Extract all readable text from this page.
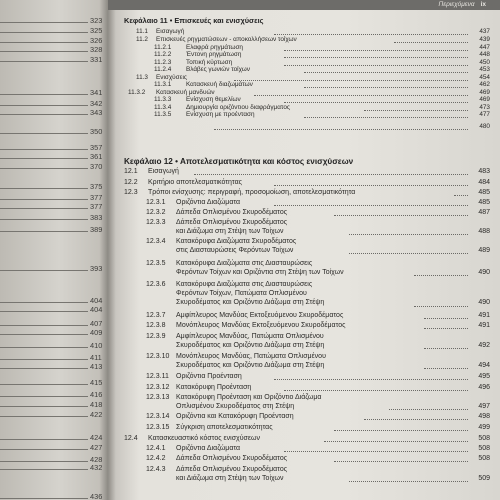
323
325
326
328
331
341
342
343
350
357
361
370
375
377
377
383
389
393
404
404
407
409
410
411
413
415
416
418
422
424
427
428
432
436
Περιεχόμενα ix
Κεφάλαιο 11 • Επισκευές και ενισχύσεις
11.1 Εισαγωγή	437
11.2 Επισκευές ρηγματώσεων - αποκολλήσεων τοίχων	439
11.2.1 Ελαφρά ρηγμάτωση	447
11.2.2 Έντονη ρηγμάτωση	448
11.2.3 Τοπική κύρτωση	450
11.2.4 Βλάβες γωνιών τοίχων	453
11.3 Ενισχύσεις	454
11.3.1 Κατασκευή διαζωμάτων	462
11.3.2 Κατασκευή μανδυών	469
11.3.3 Ενίσχυση θεμελίων	469
11.3.4 Δημιουργία οριζόντιου διαφράγματος	473
11.3.5 Ενίσχυση με προένταση	477
480
Κεφάλαιο 12 • Αποτελεσματικότητα και κόστος ενισχύσεων
12.1 Εισαγωγή	483
12.2 Κριτήριο αποτελεσματικότητας	484
12.3 Τρόποι ενίσχυσης: περιγραφή, προσομοίωση, αποτελεσματικότητα	485
12.3.1 Οριζόντια Διαζώματα	485
12.3.2 Δάπεδα Οπλισμένου Σκυροδέματος	487
12.3.3 Δάπεδα Οπλισμένου Σκυροδέματος
και Διάζωμα στη Στέψη των Τοίχων	488
12.3.4 Κατακόρυφα Διαζώματα Σκυροδέματος
στις Διασταυρώσεις Φερόντων Τοίχων	489
12.3.5 Κατακόρυφα Διαζώματα στις Διασταυρώσεις
Φερόντων Τοίχων και Οριζόντια στη Στέψη των Τοίχων	490
12.3.6 Κατακόρυφα Διαζώματα στις Διασταυρώσεις
Φερόντων Τοίχων, Πατώματα Οπλισμένου
Σκυροδέματος και Οριζόντιο Διάζωμα στη Στέψη	490
12.3.7 Αμφίπλευρος Μανδύας Εκτοξευόμενου Σκυροδέματος	491
12.3.8 Μονόπλευρος Μανδύας Εκτοξευόμενου Σκυροδέματος	491
12.3.9 Αμφίπλευρος Μανδύας, Πατώματα Οπλισμένου
Σκυροδέματος και Οριζόντιο Διάζωμα στη Στέψη	492
12.3.10 Μονόπλευρος Μανδύας, Πατώματα Οπλισμένου
Σκυροδέματος και Οριζόντιο Διάζωμα στη Στέψη	494
12.3.11 Οριζόντια Προένταση	495
12.3.12 Κατακόρυφη Προένταση	496
12.3.13 Κατακόρυφη Προένταση και Οριζόντιο Διάζωμα
Οπλισμένου Σκυροδέματος στη Στέψη	497
12.3.14 Οριζόντια και Κατακόρυφη Προένταση	498
12.3.15 Σύγκριση αποτελεσματικότητας	499
12.4 Κατασκευαστικό κόστος ενισχύσεων	508
12.4.1 Οριζόντια Διαζώματα	508
12.4.2 Δάπεδα Οπλισμένου Σκυροδέματος	508
12.4.3 Δάπεδα Οπλισμένου Σκυροδέματος
και Διάζωμα στη Στέψη των Τοίχων	509
